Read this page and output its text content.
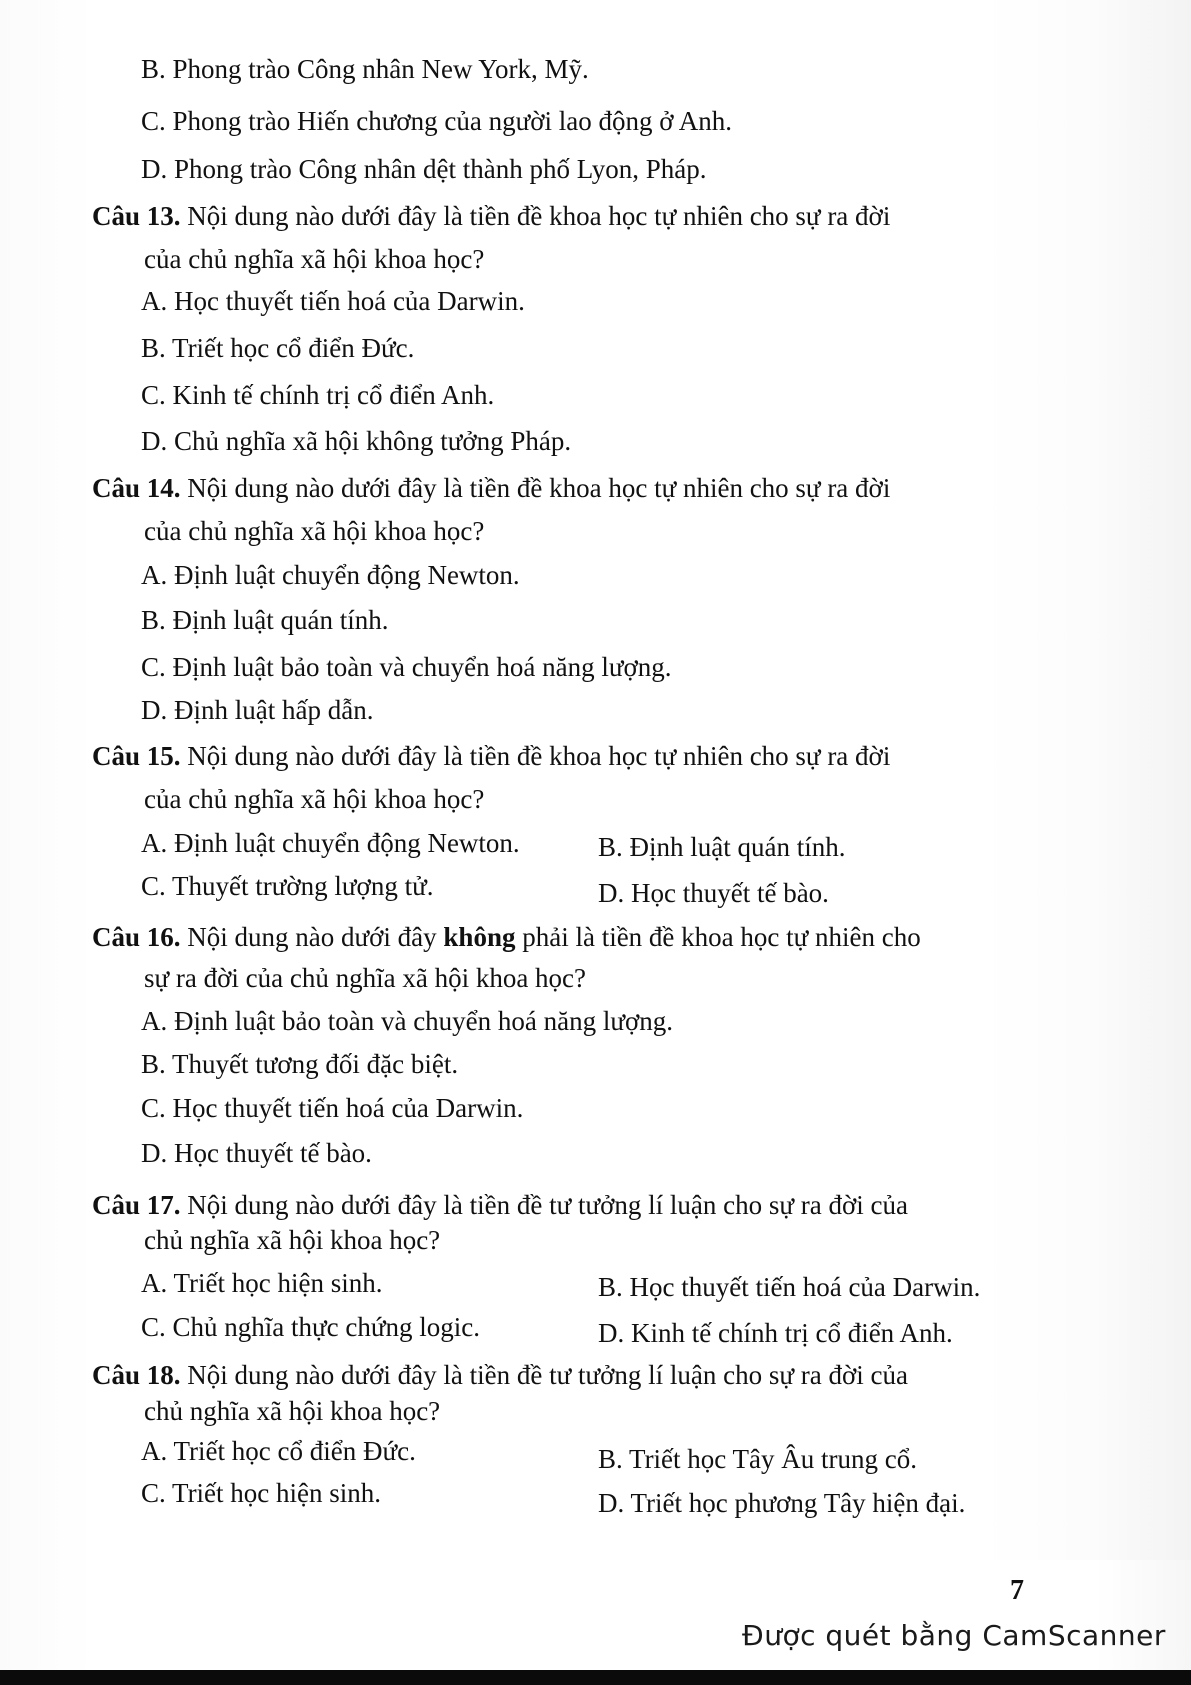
B. Phong trào Công nhân New York, Mỹ.
C. Phong trào Hiến chương của người lao động ở Anh.
D. Phong trào Công nhân dệt thành phố Lyon, Pháp.
Câu 13. Nội dung nào dưới đây là tiền đề khoa học tự nhiên cho sự ra đời
của chủ nghĩa xã hội khoa học?
A. Học thuyết tiến hoá của Darwin.
B. Triết học cổ điển Đức.
C. Kinh tế chính trị cổ điển Anh.
D. Chủ nghĩa xã hội không tưởng Pháp.
Câu 14. Nội dung nào dưới đây là tiền đề khoa học tự nhiên cho sự ra đời
của chủ nghĩa xã hội khoa học?
A. Định luật chuyển động Newton.
B. Định luật quán tính.
C. Định luật bảo toàn và chuyển hoá năng lượng.
D. Định luật hấp dẫn.
Câu 15. Nội dung nào dưới đây là tiền đề khoa học tự nhiên cho sự ra đời
của chủ nghĩa xã hội khoa học?
A. Định luật chuyển động Newton.	B. Định luật quán tính.
C. Thuyết trường lượng tử.	D. Học thuyết tế bào.
Câu 16. Nội dung nào dưới đây không phải là tiền đề khoa học tự nhiên cho
sự ra đời của chủ nghĩa xã hội khoa học?
A. Định luật bảo toàn và chuyển hoá năng lượng.
B. Thuyết tương đối đặc biệt.
C. Học thuyết tiến hoá của Darwin.
D. Học thuyết tế bào.
Câu 17. Nội dung nào dưới đây là tiền đề tư tưởng lí luận cho sự ra đời của
chủ nghĩa xã hội khoa học?
A. Triết học hiện sinh.	B. Học thuyết tiến hoá của Darwin.
C. Chủ nghĩa thực chứng logic.	D. Kinh tế chính trị cổ điển Anh.
Câu 18. Nội dung nào dưới đây là tiền đề tư tưởng lí luận cho sự ra đời của
chủ nghĩa xã hội khoa học?
A. Triết học cổ điển Đức.	B. Triết học Tây Âu trung cổ.
C. Triết học hiện sinh.	D. Triết học phương Tây hiện đại.
7
Được quét bằng CamScanner
